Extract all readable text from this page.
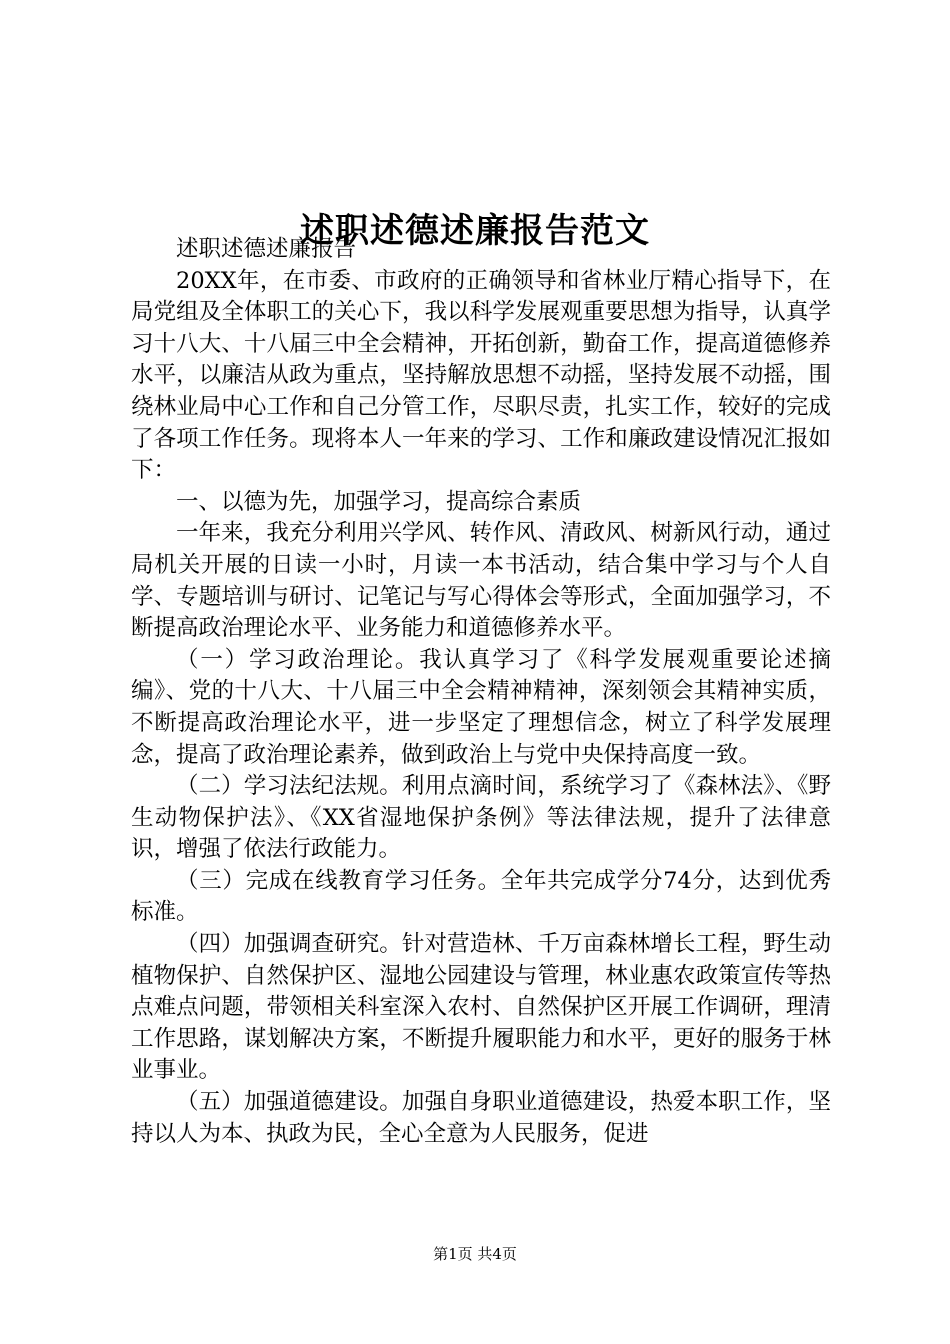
述职述德述廉报告范文

述职述德述廉报告

20XX年，在市委、市政府的正确领导和省林业厅精心指导下，在局党组及全体职工的关心下，我以科学发展观重要思想为指导，认真学习十八大、十八届三中全会精神，开拓创新，勤奋工作，提高道德修养水平，以廉洁从政为重点，坚持解放思想不动摇，坚持发展不动摇，围绕林业局中心工作和自己分管工作，尽职尽责，扎实工作，较好的完成了各项工作任务。现将本人一年来的学习、工作和廉政建设情况汇报如下：

一、以德为先，加强学习，提高综合素质

一年来，我充分利用兴学风、转作风、清政风、树新风行动，通过局机关开展的日读一小时，月读一本书活动，结合集中学习与个人自学、专题培训与研讨、记笔记与写心得体会等形式，全面加强学习，不断提高政治理论水平、业务能力和道德修养水平。

（一）学习政治理论。我认真学习了《科学发展观重要论述摘编》、党的十八大、十八届三中全会精神精神，深刻领会其精神实质，不断提高政治理论水平，进一步坚定了理想信念，树立了科学发展理念，提高了政治理论素养，做到政治上与党中央保持高度一致。

（二）学习法纪法规。利用点滴时间，系统学习了《森林法》、《野生动物保护法》、《XX省湿地保护条例》等法律法规，提升了法律意识，增强了依法行政能力。

（三）完成在线教育学习任务。全年共完成学分74分，达到优秀标准。

（四）加强调查研究。针对营造林、千万亩森林增长工程，野生动植物保护、自然保护区、湿地公园建设与管理，林业惠农政策宣传等热点难点问题，带领相关科室深入农村、自然保护区开展工作调研，理清工作思路，谋划解决方案，不断提升履职能力和水平，更好的服务于林业事业。

（五）加强道德建设。加强自身职业道德建设，热爱本职工作，坚持以人为本、执政为民，全心全意为人民服务，促进

第1页 共4页
